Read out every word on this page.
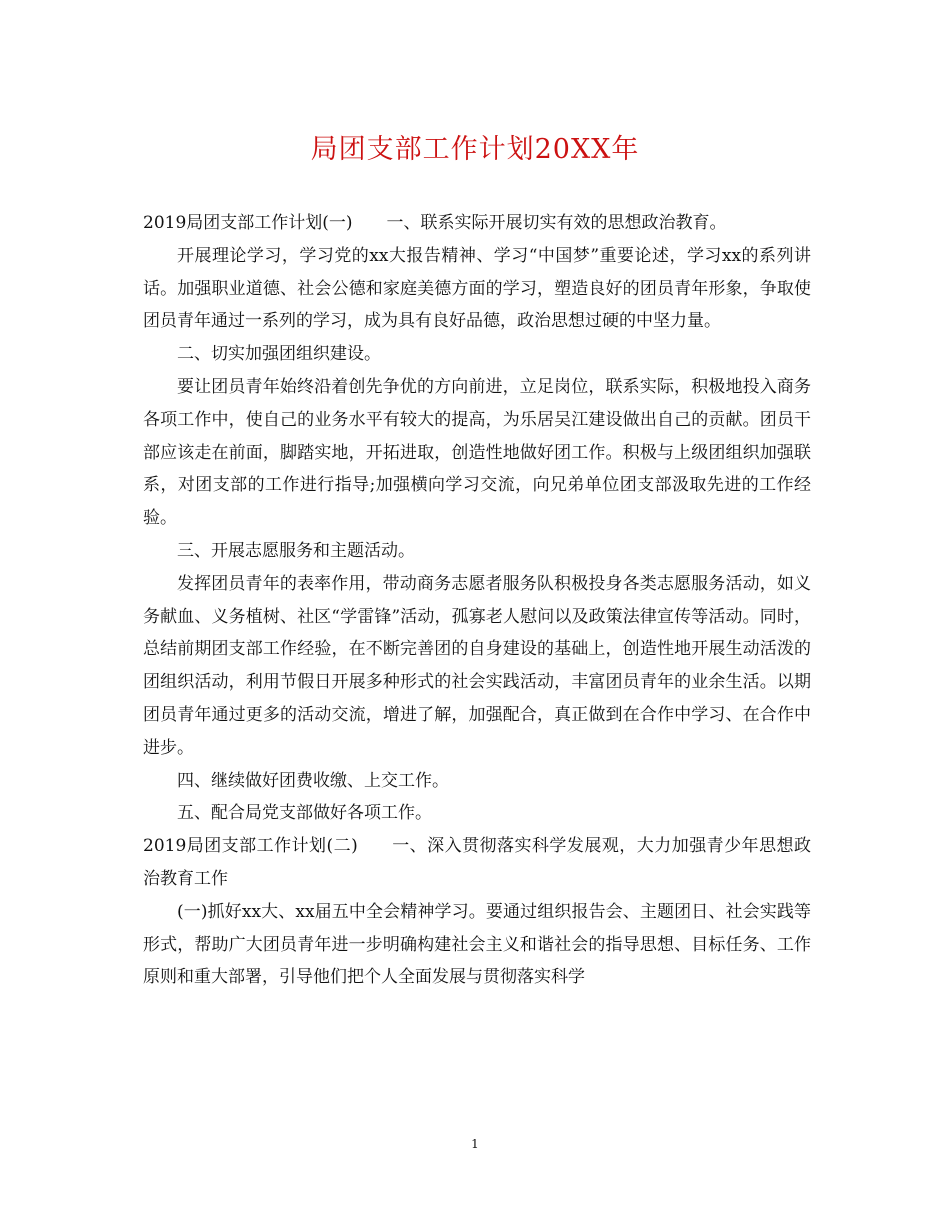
局团支部工作计划20XX年

2019局团支部工作计划(一) 一、联系实际开展切实有效的思想政治教育。

开展理论学习，学习党的xx大报告精神、学习“中国梦”重要论述，学习xx的系列讲话。加强职业道德、社会公德和家庭美德方面的学习，塑造良好的团员青年形象，争取使团员青年通过一系列的学习，成为具有良好品德，政治思想过硬的中坚力量。

二、切实加强团组织建设。

要让团员青年始终沿着创先争优的方向前进，立足岗位，联系实际，积极地投入商务各项工作中，使自己的业务水平有较大的提高，为乐居吴江建设做出自己的贡献。团员干部应该走在前面，脚踏实地，开拓进取，创造性地做好团工作。积极与上级团组织加强联系，对团支部的工作进行指导;加强横向学习交流，向兄弟单位团支部汲取先进的工作经验。

三、开展志愿服务和主题活动。

发挥团员青年的表率作用，带动商务志愿者服务队积极投身各类志愿服务活动，如义务献血、义务植树、社区“学雷锋”活动，孤寡老人慰问以及政策法律宣传等活动。同时，总结前期团支部工作经验，在不断完善团的自身建设的基础上，创造性地开展生动活泼的团组织活动，利用节假日开展多种形式的社会实践活动，丰富团员青年的业余生活。以期团员青年通过更多的活动交流，增进了解，加强配合，真正做到在合作中学习、在合作中进步。

四、继续做好团费收缴、上交工作。

五、配合局党支部做好各项工作。

2019局团支部工作计划(二) 一、深入贯彻落实科学发展观，大力加强青少年思想政治教育工作

(一)抓好xx大、xx届五中全会精神学习。要通过组织报告会、主题团日、社会实践等形式，帮助广大团员青年进一步明确构建社会主义和谐社会的指导思想、目标任务、工作原则和重大部署，引导他们把个人全面发展与贯彻落实科学

1
